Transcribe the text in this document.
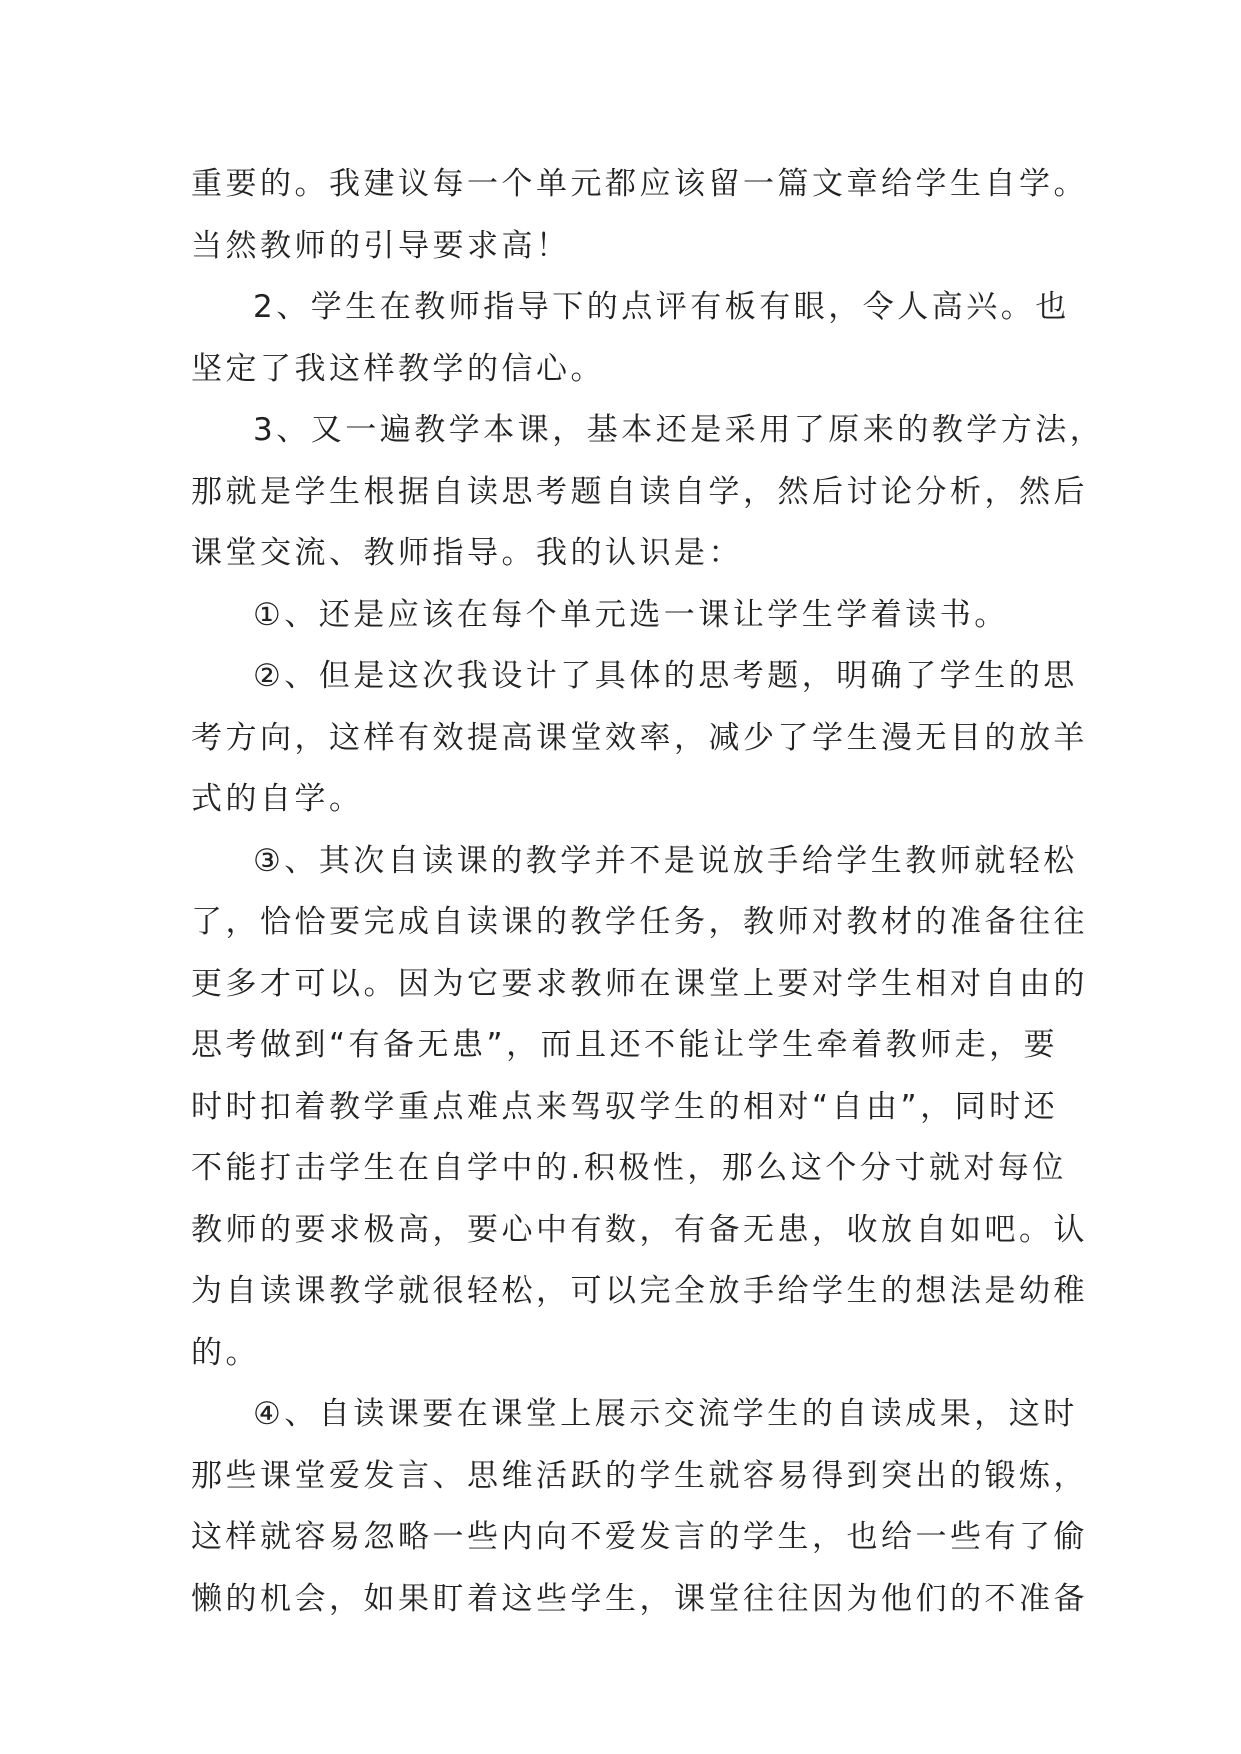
重要的。我建议每一个单元都应该留一篇文章给学生自学。
当然教师的引导要求高！
2、学生在教师指导下的点评有板有眼，令人高兴。也
坚定了我这样教学的信心。
3、又一遍教学本课，基本还是采用了原来的教学方法，
那就是学生根据自读思考题自读自学，然后讨论分析，然后
课堂交流、教师指导。我的认识是：
①、还是应该在每个单元选一课让学生学着读书。
②、但是这次我设计了具体的思考题，明确了学生的思
考方向，这样有效提高课堂效率，减少了学生漫无目的放羊
式的自学。
③、其次自读课的教学并不是说放手给学生教师就轻松
了，恰恰要完成自读课的教学任务，教师对教材的准备往往
更多才可以。因为它要求教师在课堂上要对学生相对自由的
思考做到“有备无患”，而且还不能让学生牵着教师走，要
时时扣着教学重点难点来驾驭学生的相对“自由”，同时还
不能打击学生在自学中的.积极性，那么这个分寸就对每位
教师的要求极高，要心中有数，有备无患，收放自如吧。认
为自读课教学就很轻松，可以完全放手给学生的想法是幼稚
的。
④、自读课要在课堂上展示交流学生的自读成果，这时
那些课堂爱发言、思维活跃的学生就容易得到突出的锻炼，
这样就容易忽略一些内向不爱发言的学生，也给一些有了偷
懒的机会，如果盯着这些学生，课堂往往因为他们的不准备
